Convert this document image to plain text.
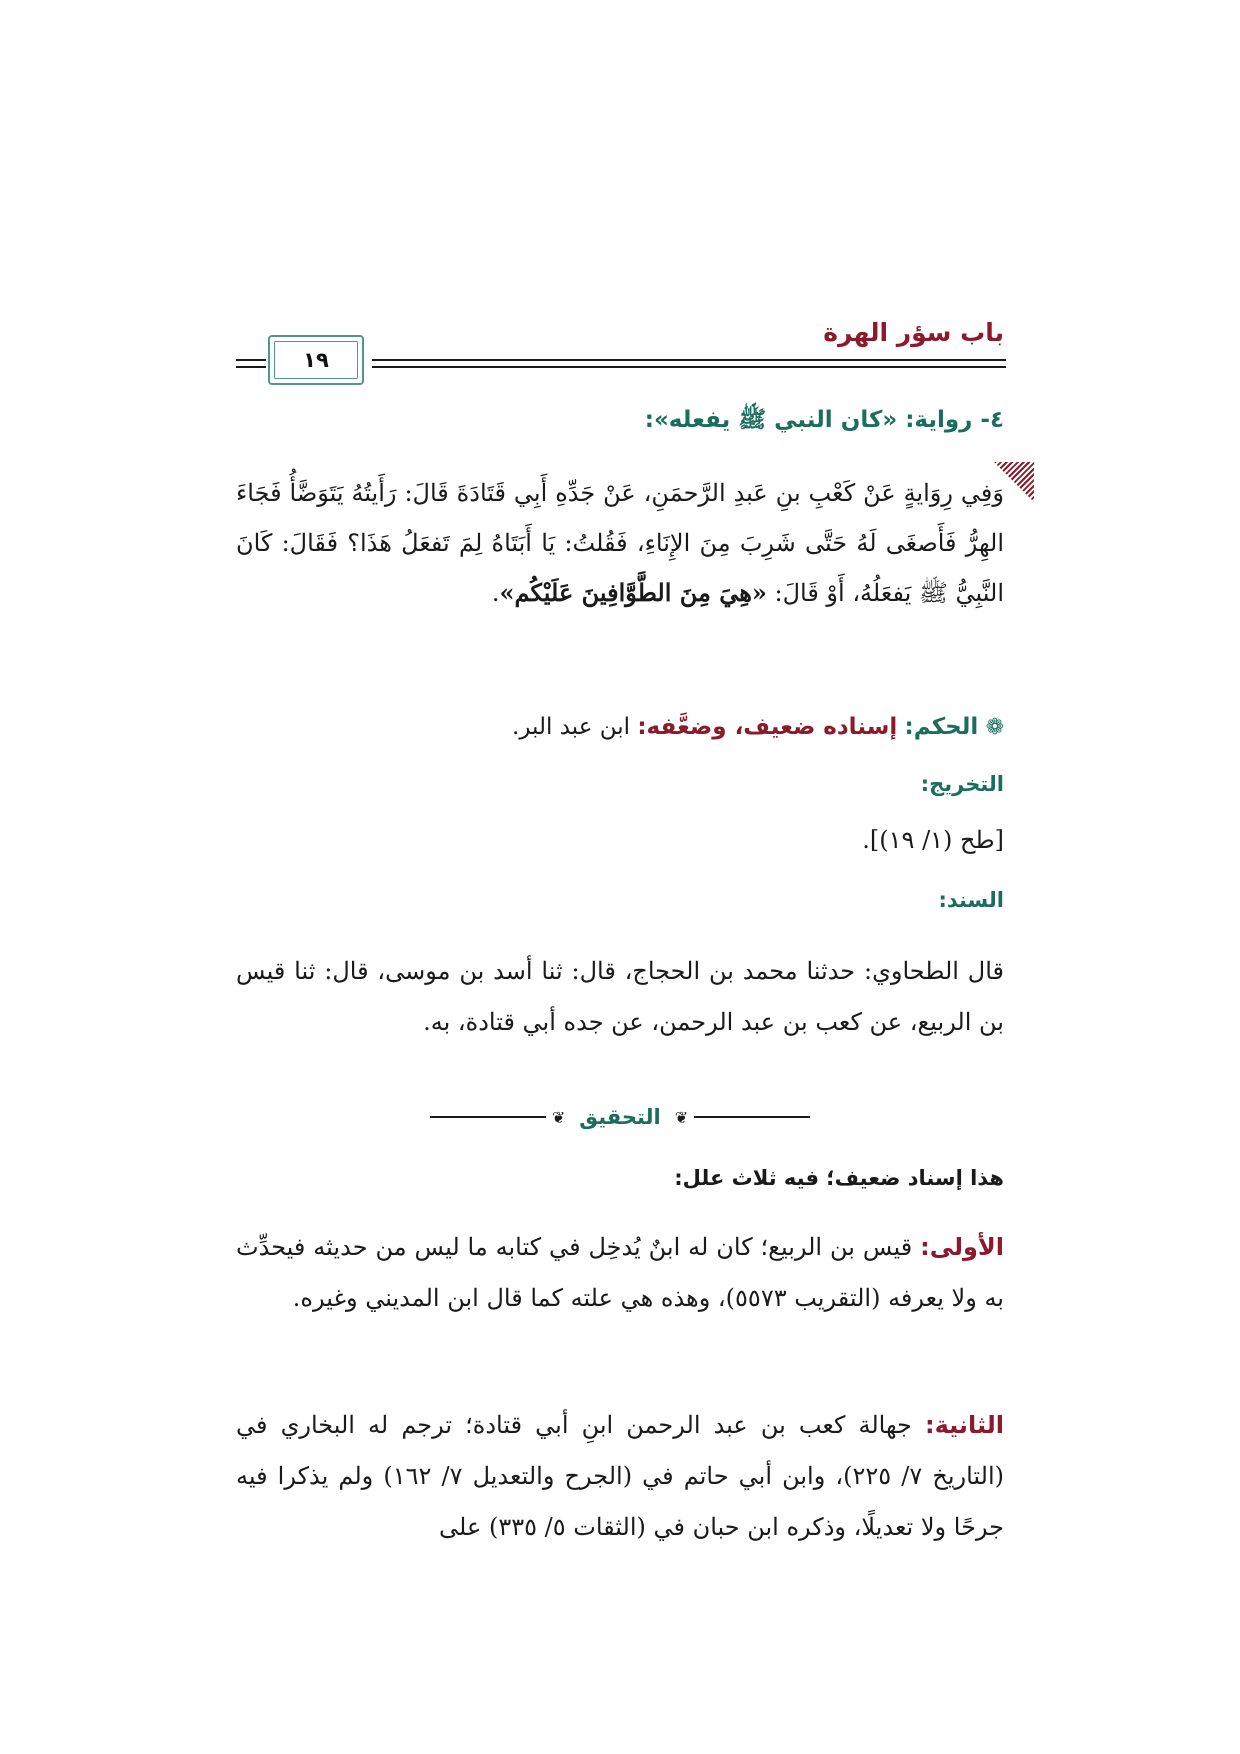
باب سؤر الهرة
١٩
٤- رواية: «كان النبي ﷺ يفعله»:
وَفِي رِوَايةٍ عَنْ كَعْبِ بنِ عَبدِ الرَّحمَنِ، عَنْ جَدِّهِ أَبِي قَتَادَةَ قَالَ: رَأَيتُهُ يَتَوَضَّأُ فَجَاءَ الهِرُّ فَأَصغَى لَهُ حَتَّى شَرِبَ مِنَ الإِنَاءِ، فَقُلتُ: يَا أَبَتَاهُ لِمَ تَفعَلُ هَذَا؟ فَقَالَ: كَانَ النَّبِيُّ ﷺ يَفعَلُهُ، أَوْ قَالَ: «هِيَ مِنَ الطَّوَّافِينَ عَلَيْكُم».
❁ الحكم: إسناده ضعيف، وضعَّفه: ابن عبد البر.
التخريج:
[طح (١/ ١٩)].
السند:
قال الطحاوي: حدثنا محمد بن الحجاج، قال: ثنا أسد بن موسى، قال: ثنا قيس بن الربيع، عن كعب بن عبد الرحمن، عن جده أبي قتادة، به.
❦
التحقيق
❦
هذا إسناد ضعيف؛ فيه ثلاث علل:
الأولى: قيس بن الربيع؛ كان له ابنٌ يُدخِل في كتابه ما ليس من حديثه فيحدِّث به ولا يعرفه (التقريب ٥٥٧٣)، وهذه هي علته كما قال ابن المديني وغيره.
الثانية: جهالة كعب بن عبد الرحمن ابنِ أبي قتادة؛ ترجم له البخاري في (التاريخ ٧/ ٢٢٥)، وابن أبي حاتم في (الجرح والتعديل ٧/ ١٦٢) ولم يذكرا فيه جرحًا ولا تعديلًا، وذكره ابن حبان في (الثقات ٥/ ٣٣٥) على
